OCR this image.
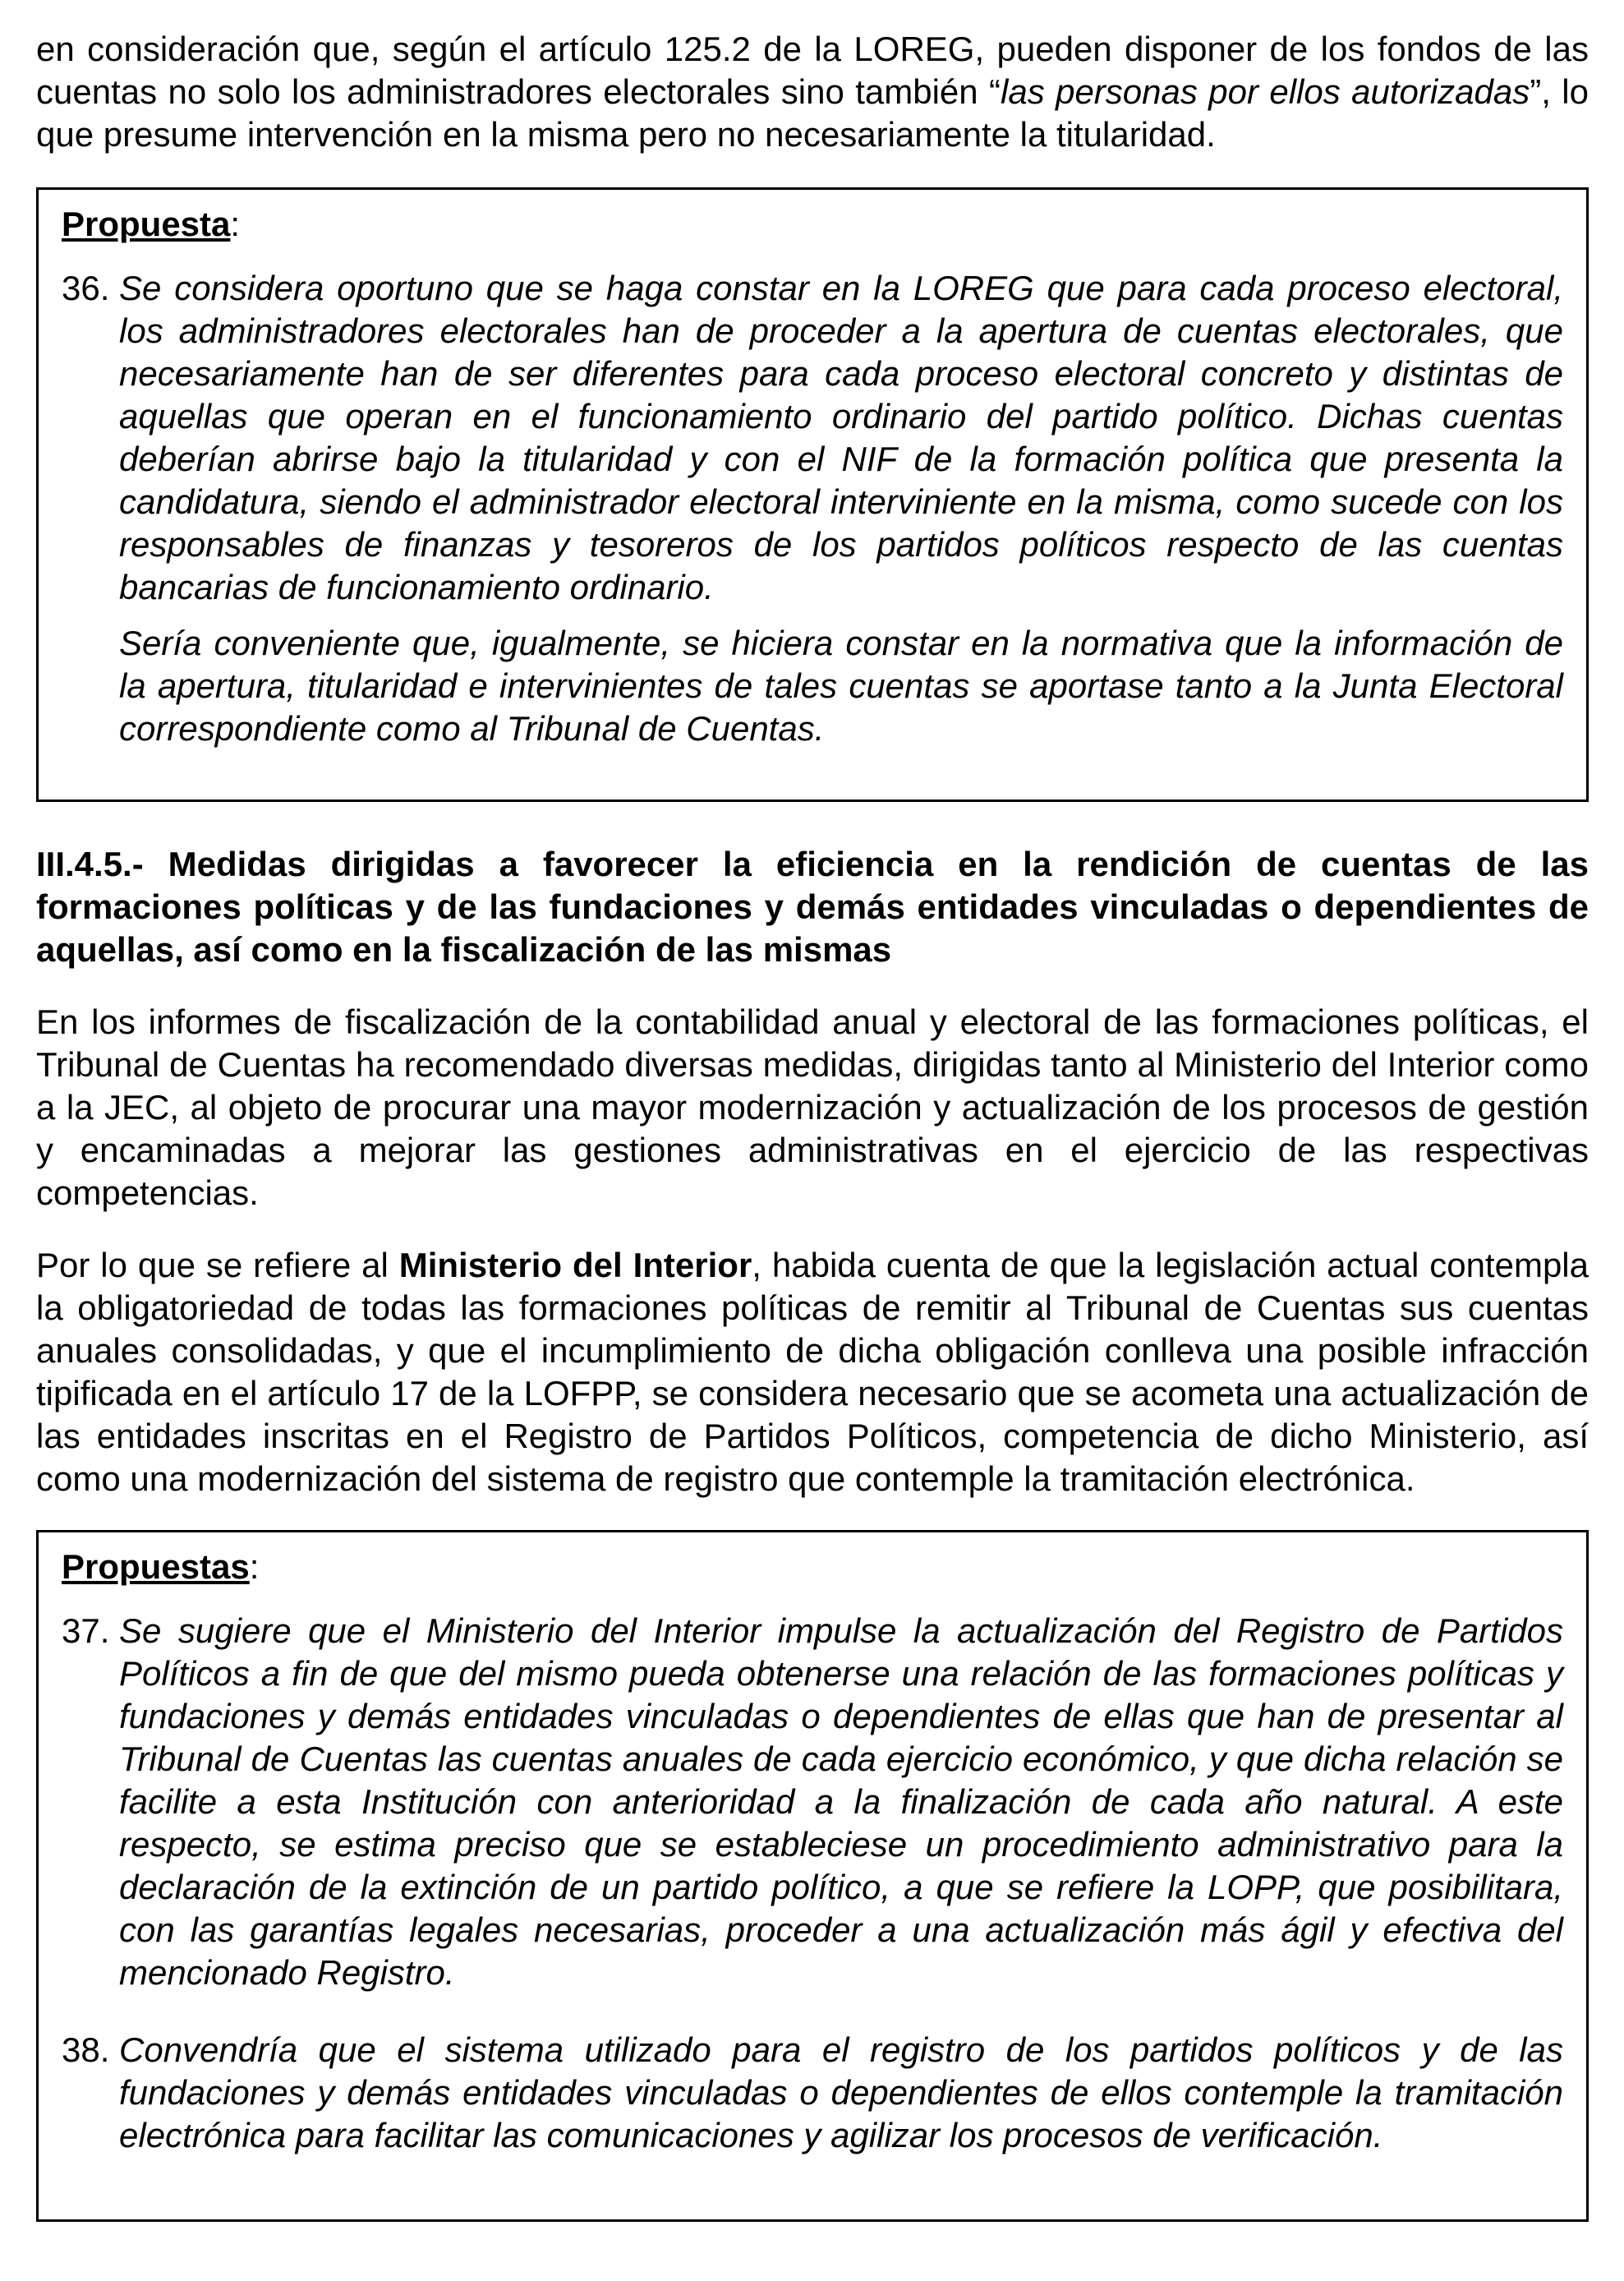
en consideración que, según el artículo 125.2 de la LOREG, pueden disponer de los fondos de las cuentas no solo los administradores electorales sino también “las personas por ellos autorizadas”, lo que presume intervención en la misma pero no necesariamente la titularidad.

Propuesta:
36. Se considera oportuno que se haga constar en la LOREG que para cada proceso electoral, los administradores electorales han de proceder a la apertura de cuentas electorales, que necesariamente han de ser diferentes para cada proceso electoral concreto y distintas de aquellas que operan en el funcionamiento ordinario del partido político. Dichas cuentas deberían abrirse bajo la titularidad y con el NIF de la formación política que presenta la candidatura, siendo el administrador electoral interviniente en la misma, como sucede con los responsables de finanzas y tesoreros de los partidos políticos respecto de las cuentas bancarias de funcionamiento ordinario.

Sería conveniente que, igualmente, se hiciera constar en la normativa que la información de la apertura, titularidad e intervinientes de tales cuentas se aportase tanto a la Junta Electoral correspondiente como al Tribunal de Cuentas.

III.4.5.- Medidas dirigidas a favorecer la eficiencia en la rendición de cuentas de las formaciones políticas y de las fundaciones y demás entidades vinculadas o dependientes de aquellas, así como en la fiscalización de las mismas

En los informes de fiscalización de la contabilidad anual y electoral de las formaciones políticas, el Tribunal de Cuentas ha recomendado diversas medidas, dirigidas tanto al Ministerio del Interior como a la JEC, al objeto de procurar una mayor modernización y actualización de los procesos de gestión y encaminadas a mejorar las gestiones administrativas en el ejercicio de las respectivas competencias.

Por lo que se refiere al Ministerio del Interior, habida cuenta de que la legislación actual contempla la obligatoriedad de todas las formaciones políticas de remitir al Tribunal de Cuentas sus cuentas anuales consolidadas, y que el incumplimiento de dicha obligación conlleva una posible infracción tipificada en el artículo 17 de la LOFPP, se considera necesario que se acometa una actualización de las entidades inscritas en el Registro de Partidos Políticos, competencia de dicho Ministerio, así como una modernización del sistema de registro que contemple la tramitación electrónica.

Propuestas:
37. Se sugiere que el Ministerio del Interior impulse la actualización del Registro de Partidos Políticos a fin de que del mismo pueda obtenerse una relación de las formaciones políticas y fundaciones y demás entidades vinculadas o dependientes de ellas que han de presentar al Tribunal de Cuentas las cuentas anuales de cada ejercicio económico, y que dicha relación se facilite a esta Institución con anterioridad a la finalización de cada año natural. A este respecto, se estima preciso que se estableciese un procedimiento administrativo para la declaración de la extinción de un partido político, a que se refiere la LOPP, que posibilitara, con las garantías legales necesarias, proceder a una actualización más ágil y efectiva del mencionado Registro.

38. Convendría que el sistema utilizado para el registro de los partidos políticos y de las fundaciones y demás entidades vinculadas o dependientes de ellos contemple la tramitación electrónica para facilitar las comunicaciones y agilizar los procesos de verificación.
